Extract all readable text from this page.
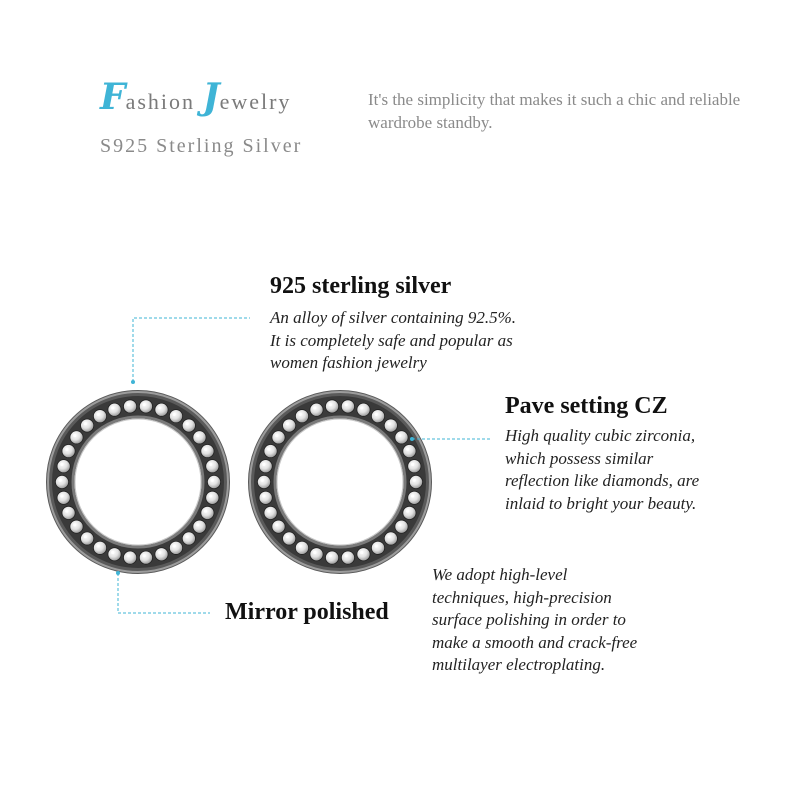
Fashion Jewelry
S925 Sterling Silver
It's the simplicity that makes it such a chic and reliable wardrobe standby.
925 sterling silver
An alloy of silver containing 92.5%.
It is completely safe and popular as
women fashion jewelry
Pave setting CZ
High quality cubic zirconia,
which possess similar
reflection like diamonds, are
inlaid to bright your beauty.
Mirror polished
We adopt high-level
techniques, high-precision
surface polishing in order to
make a smooth and crack-free
multilayer electroplating.
